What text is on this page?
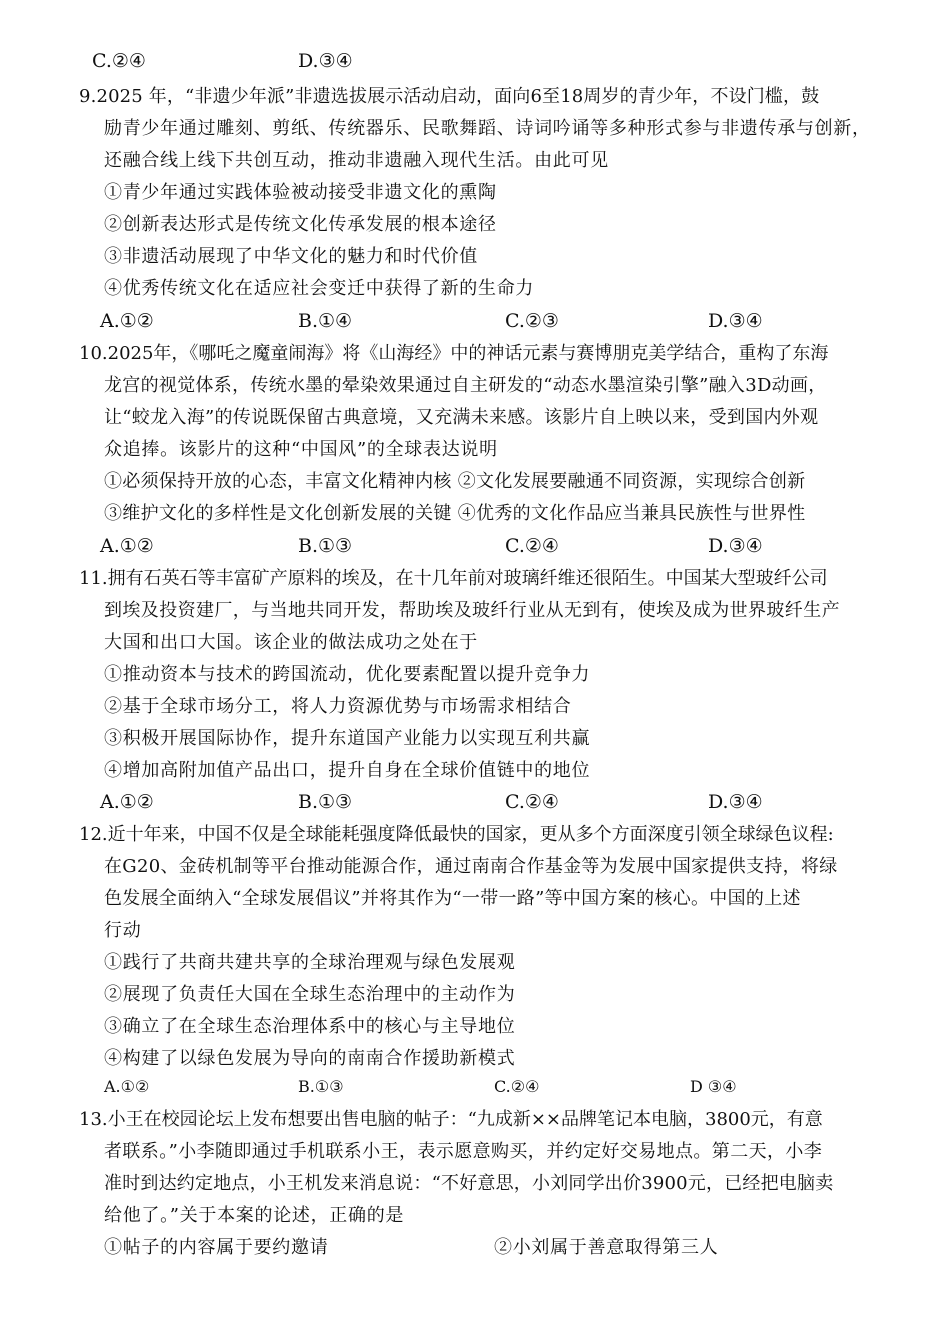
C.②④	D.③④
9.2025 年，“非遗少年派”非遗选拔展示活动启动，面向6至18周岁的青少年，不设门槛，鼓
励青少年通过雕刻、剪纸、传统器乐、民歌舞蹈、诗词吟诵等多种形式参与非遗传承与创新，
还融合线上线下共创互动，推动非遗融入现代生活。由此可见
①青少年通过实践体验被动接受非遗文化的熏陶
②创新表达形式是传统文化传承发展的根本途径
③非遗活动展现了中华文化的魅力和时代价值
④优秀传统文化在适应社会变迁中获得了新的生命力
A.①②	B.①④	C.②③	D.③④
10.2025年，《哪吒之魔童闹海》将《山海经》中的神话元素与赛博朋克美学结合，重构了东海
龙宫的视觉体系，传统水墨的晕染效果通过自主研发的“动态水墨渲染引擎”融入3D动画，
让“蛟龙入海”的传说既保留古典意境，又充满未来感。该影片自上映以来，受到国内外观
众追捧。该影片的这种“中国风”的全球表达说明
①必须保持开放的心态，丰富文化精神内核 ②文化发展要融通不同资源，实现综合创新
③维护文化的多样性是文化创新发展的关键 ④优秀的文化作品应当兼具民族性与世界性
A.①②	B.①③	C.②④	D.③④
11.拥有石英石等丰富矿产原料的埃及，在十几年前对玻璃纤维还很陌生。中国某大型玻纤公司
到埃及投资建厂，与当地共同开发，帮助埃及玻纤行业从无到有，使埃及成为世界玻纤生产
大国和出口大国。该企业的做法成功之处在于
①推动资本与技术的跨国流动，优化要素配置以提升竞争力
②基于全球市场分工，将人力资源优势与市场需求相结合
③积极开展国际协作，提升东道国产业能力以实现互利共赢
④增加高附加值产品出口，提升自身在全球价值链中的地位
A.①②	B.①③	C.②④	D.③④
12.近十年来，中国不仅是全球能耗强度降低最快的国家，更从多个方面深度引领全球绿色议程:
在G20、金砖机制等平台推动能源合作，通过南南合作基金等为发展中国家提供支持，将绿
色发展全面纳入“全球发展倡议”并将其作为“一带一路”等中国方案的核心。中国的上述
行动
①践行了共商共建共享的全球治理观与绿色发展观
②展现了负责任大国在全球生态治理中的主动作为
③确立了在全球生态治理体系中的核心与主导地位
④构建了以绿色发展为导向的南南合作援助新模式
A.①②	B.①③	C.②④	D ③④
13.小王在校园论坛上发布想要出售电脑的帖子：“九成新××品牌笔记本电脑，3800元，有意
者联系。”小李随即通过手机联系小王，表示愿意购买，并约定好交易地点。第二天，小李
准时到达约定地点，小王机发来消息说：“不好意思，小刘同学出价3900元，已经把电脑卖
给他了。”关于本案的论述，正确的是
①帖子的内容属于要约邀请	②小刘属于善意取得第三人
